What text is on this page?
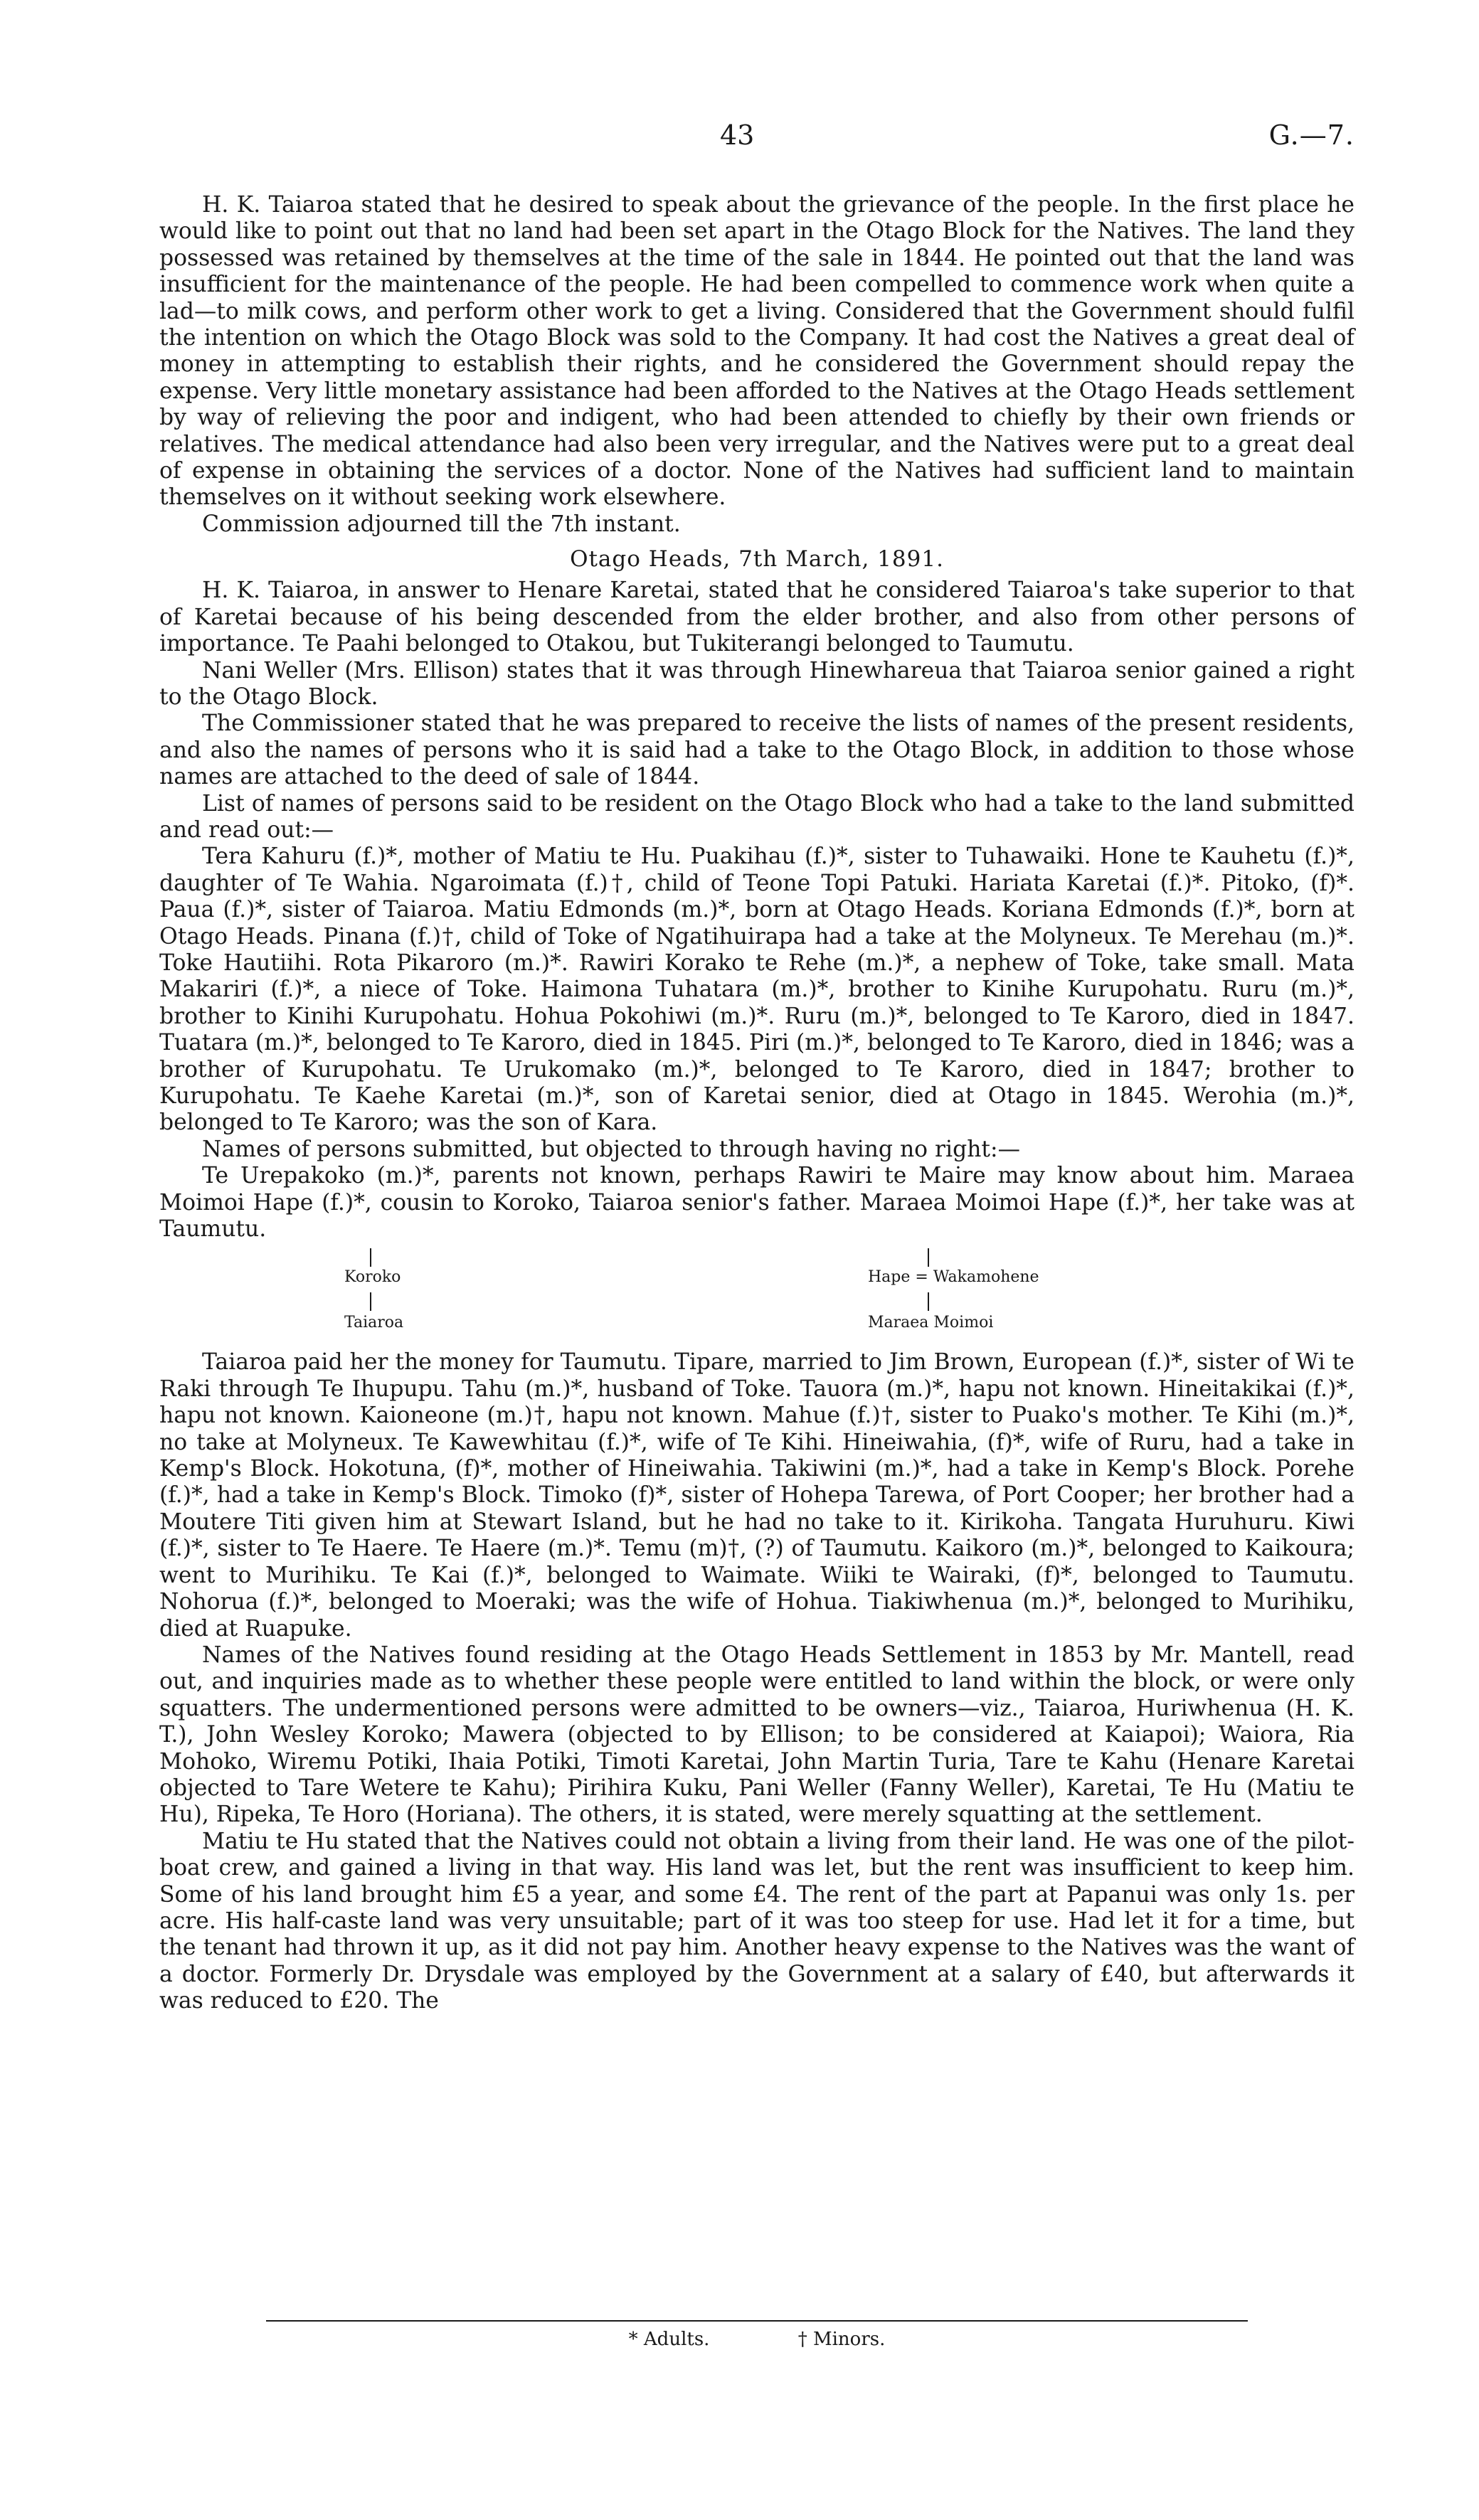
43	G.—7.

H. K. Taiaroa stated that he desired to speak about the grievance of the people. In the first place he would like to point out that no land had been set apart in the Otago Block for the Natives. The land they possessed was retained by themselves at the time of the sale in 1844. He pointed out that the land was insufficient for the maintenance of the people. He had been compelled to commence work when quite a lad—to milk cows, and perform other work to get a living. Considered that the Government should fulfil the intention on which the Otago Block was sold to the Company. It had cost the Natives a great deal of money in attempting to establish their rights, and he considered the Government should repay the expense. Very little monetary assistance had been afforded to the Natives at the Otago Heads settlement by way of relieving the poor and indigent, who had been attended to chiefly by their own friends or relatives. The medical attendance had also been very irregular, and the Natives were put to a great deal of expense in obtaining the services of a doctor. None of the Natives had sufficient land to maintain themselves on it without seeking work elsewhere.

Commission adjourned till the 7th instant.

Otago Heads, 7th March, 1891.

H. K. Taiaroa, in answer to Henare Karetai, stated that he considered Taiaroa's take superior to that of Karetai because of his being descended from the elder brother, and also from other persons of importance. Te Paahi belonged to Otakou, but Tukiterangi belonged to Taumutu.

Nani Weller (Mrs. Ellison) states that it was through Hinewhareua that Taiaroa senior gained a right to the Otago Block.

The Commissioner stated that he was prepared to receive the lists of names of the present residents, and also the names of persons who it is said had a take to the Otago Block, in addition to those whose names are attached to the deed of sale of 1844.

List of names of persons said to be resident on the Otago Block who had a take to the land submitted and read out:—

Tera Kahuru (f.)*, mother of Matiu te Hu. Puakihau (f.)*, sister to Tuhawaiki. Hone te Kauhetu (f.)*, daughter of Te Wahia. Ngaroimata (f.)†, child of Teone Topi Patuki. Hariata Karetai (f.)*. Pitoko, (f)*. Paua (f.)*, sister of Taiaroa. Matiu Edmonds (m.)*, born at Otago Heads. Koriana Edmonds (f.)*, born at Otago Heads. Pinana (f.)†, child of Toke of Ngatihuirapa had a take at the Molyneux. Te Merehau (m.)*. Toke Hautiihi. Rota Pikaroro (m.)*. Rawiri Korako te Rehe (m.)*, a nephew of Toke, take small. Mata Makariri (f.)*, a niece of Toke. Haimona Tuhatara (m.)*, brother to Kinihe Kurupohatu. Ruru (m.)*, brother to Kinihi Kurupohatu. Hohua Pokohiwi (m.)*. Ruru (m.)*, belonged to Te Karoro, died in 1847. Tuatara (m.)*, belonged to Te Karoro, died in 1845. Piri (m.)*, belonged to Te Karoro, died in 1846; was a brother of Kurupohatu. Te Urukomako (m.)*, belonged to Te Karoro, died in 1847; brother to Kurupohatu. Te Kaehe Karetai (m.)*, son of Karetai senior, died at Otago in 1845. Werohia (m.)*, belonged to Te Karoro; was the son of Kara.

Names of persons submitted, but objected to through having no right:—

Te Urepakoko (m.)*, parents not known, perhaps Rawiri te Maire may know about him. Maraea Moimoi Hape (f.)*, cousin to Koroko, Taiaroa senior's father. Maraea Moimoi Hape (f.)*, her take was at Taumutu.

Koroko
Taiaroa
Hape = Wakamohene
Maraea Moimoi

Taiaroa paid her the money for Taumutu. Tipare, married to Jim Brown, European (f.)*, sister of Wi te Raki through Te Ihupupu. Tahu (m.)*, husband of Toke. Tauora (m.)*, hapu not known. Hineitakikai (f.)*, hapu not known. Kaioneone (m.)†, hapu not known. Mahue (f.)†, sister to Puako's mother. Te Kihi (m.)*, no take at Molyneux. Te Kawewhitau (f.)*, wife of Te Kihi. Hineiwahia, (f)*, wife of Ruru, had a take in Kemp's Block. Hokotuna, (f)*, mother of Hineiwahia. Takiwini (m.)*, had a take in Kemp's Block. Porehe (f.)*, had a take in Kemp's Block. Timoko (f)*, sister of Hohepa Tarewa, of Port Cooper; her brother had a Moutere Titi given him at Stewart Island, but he had no take to it. Kirikoha. Tangata Huruhuru. Kiwi (f.)*, sister to Te Haere. Te Haere (m.)*. Temu (m)†, (?) of Taumutu. Kaikoro (m.)*, belonged to Kaikoura; went to Murihiku. Te Kai (f.)*, belonged to Waimate. Wiiki te Wairaki, (f)*, belonged to Taumutu. Nohorua (f.)*, belonged to Moeraki; was the wife of Hohua. Tiakiwhenua (m.)*, belonged to Murihiku, died at Ruapuke.

Names of the Natives found residing at the Otago Heads Settlement in 1853 by Mr. Mantell, read out, and inquiries made as to whether these people were entitled to land within the block, or were only squatters. The undermentioned persons were admitted to be owners—viz., Taiaroa, Huriwhenua (H. K. T.), John Wesley Koroko; Mawera (objected to by Ellison; to be considered at Kaiapoi); Waiora, Ria Mohoko, Wiremu Potiki, Ihaia Potiki, Timoti Karetai, John Martin Turia, Tare te Kahu (Henare Karetai objected to Tare Wetere te Kahu); Pirihira Kuku, Pani Weller (Fanny Weller), Karetai, Te Hu (Matiu te Hu), Ripeka, Te Horo (Horiana). The others, it is stated, were merely squatting at the settlement.

Matiu te Hu stated that the Natives could not obtain a living from their land. He was one of the pilot-boat crew, and gained a living in that way. His land was let, but the rent was insufficient to keep him. Some of his land brought him £5 a year, and some £4. The rent of the part at Papanui was only 1s. per acre. His half-caste land was very unsuitable; part of it was too steep for use. Had let it for a time, but the tenant had thrown it up, as it did not pay him. Another heavy expense to the Natives was the want of a doctor. Formerly Dr. Drysdale was employed by the Government at a salary of £40, but afterwards it was reduced to £20. The

* Adults.	† Minors.
